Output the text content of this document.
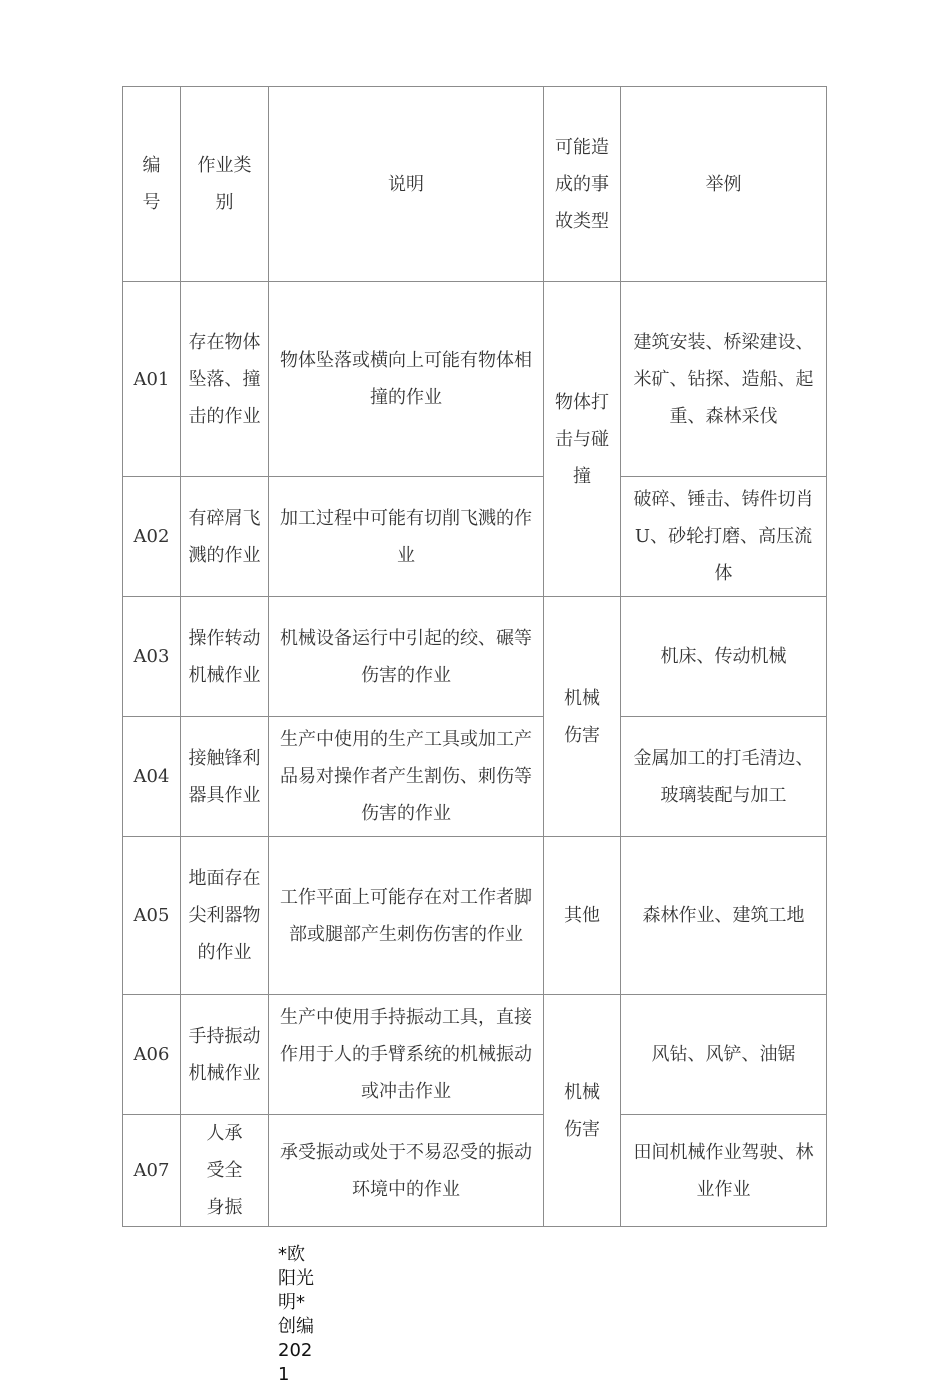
编号	作业类别	说明	可能造成的事故类型	举例
A01	存在物体坠落、撞击的作业	物体坠落或横向上可能有物体相撞的作业	物体打击与碰撞	建筑安装、桥梁建设、米矿、钻探、造船、起重、森林采伐
A02	有碎屑飞溅的作业	加工过程中可能有切削飞溅的作业		破碎、锤击、铸件切肖U、砂轮打磨、高压流体
A03	操作转动机械作业	机械设备运行中引起的绞、碾等伤害的作业	机械伤害	机床、传动机械
A04	接触锋利器具作业	生产中使用的生产工具或加工产品易对操作者产生割伤、刺伤等伤害的作业		金属加工的打毛清边、玻璃装配与加工
A05	地面存在尖利器物的作业	工作平面上可能存在对工作者脚部或腿部产生刺伤伤害的作业	其他	森林作业、建筑工地
A06	手持振动机械作业	生产中使用手持振动工具，直接作用于人的手臂系统的机械振动或冲击作业	机械伤害	风钻、风铲、油锯
A07	人承受全身振	承受振动或处于不易忍受的振动环境中的作业		田间机械作业驾驶、林业作业
*欧阳光明*创编2021
